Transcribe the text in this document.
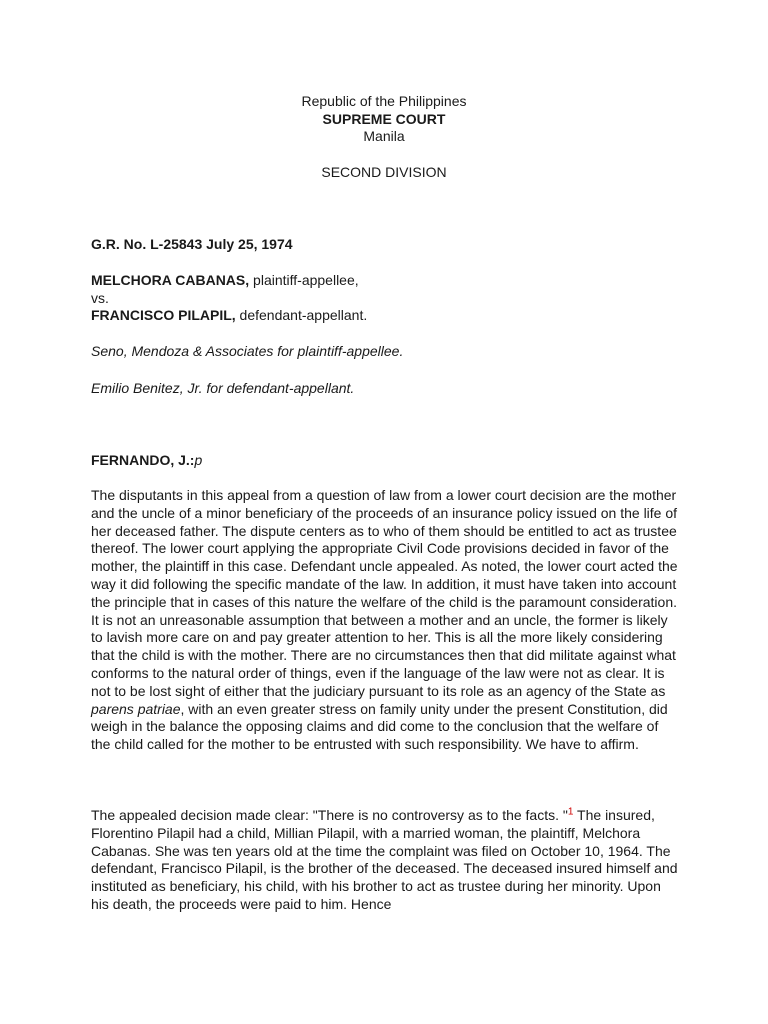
Republic of the Philippines
SUPREME COURT
Manila
SECOND DIVISION
G.R. No. L-25843 July 25, 1974
MELCHORA CABANAS, plaintiff-appellee,
vs.
FRANCISCO PILAPIL, defendant-appellant.
Seno, Mendoza & Associates for plaintiff-appellee.
Emilio Benitez, Jr. for defendant-appellant.
FERNANDO, J.:p
The disputants in this appeal from a question of law from a lower court decision are the mother and the uncle of a minor beneficiary of the proceeds of an insurance policy issued on the life of her deceased father. The dispute centers as to who of them should be entitled to act as trustee thereof. The lower court applying the appropriate Civil Code provisions decided in favor of the mother, the plaintiff in this case. Defendant uncle appealed. As noted, the lower court acted the way it did following the specific mandate of the law. In addition, it must have taken into account the principle that in cases of this nature the welfare of the child is the paramount consideration. It is not an unreasonable assumption that between a mother and an uncle, the former is likely to lavish more care on and pay greater attention to her. This is all the more likely considering that the child is with the mother. There are no circumstances then that did militate against what conforms to the natural order of things, even if the language of the law were not as clear. It is not to be lost sight of either that the judiciary pursuant to its role as an agency of the State as parens patriae, with an even greater stress on family unity under the present Constitution, did weigh in the balance the opposing claims and did come to the conclusion that the welfare of the child called for the mother to be entrusted with such responsibility. We have to affirm.
The appealed decision made clear: "There is no controversy as to the facts. "$^1$ The insured, Florentino Pilapil had a child, Millian Pilapil, with a married woman, the plaintiff, Melchora Cabanas. She was ten years old at the time the complaint was filed on October 10, 1964. The defendant, Francisco Pilapil, is the brother of the deceased. The deceased insured himself and instituted as beneficiary, his child, with his brother to act as trustee during her minority. Upon his death, the proceeds were paid to him. Hence
